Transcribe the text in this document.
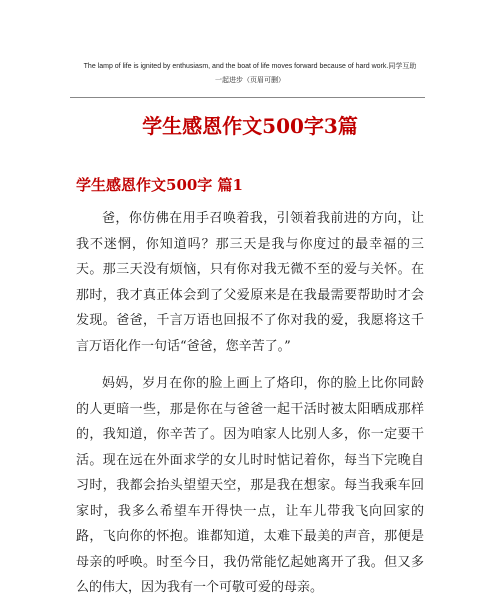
The lamp of life is ignited by enthusiasm, and the boat of life moves forward because of hard work.同学互助
一起进步（页眉可删）
学生感恩作文500字3篇
学生感恩作文500字 篇1

爸，你仿佛在用手召唤着我，引领着我前进的方向，让我不迷惘，你知道吗？那三天是我与你度过的最幸福的三天。那三天没有烦恼，只有你对我无微不至的爱与关怀。在那时，我才真正体会到了父爱原来是在我最需要帮助时才会发现。爸爸，千言万语也回报不了你对我的爱，我愿将这千言万语化作一句话“爸爸，您辛苦了。”

妈妈，岁月在你的脸上画上了烙印，你的脸上比你同龄的人更暗一些，那是你在与爸爸一起干活时被太阳晒成那样的，我知道，你辛苦了。因为咱家人比别人多，你一定要干活。现在远在外面求学的女儿时时惦记着你，每当下完晚自习时，我都会抬头望望天空，那是我在想家。每当我乘车回家时，我多么希望车开得快一点，让车儿带我飞向回家的路，飞向你的怀抱。谁都知道，太难下最美的声音，那便是母亲的呼唤。时至今日，我仍常能忆起她离开了我。但又多么的伟大，因为我有一个可敬可爱的母亲。
